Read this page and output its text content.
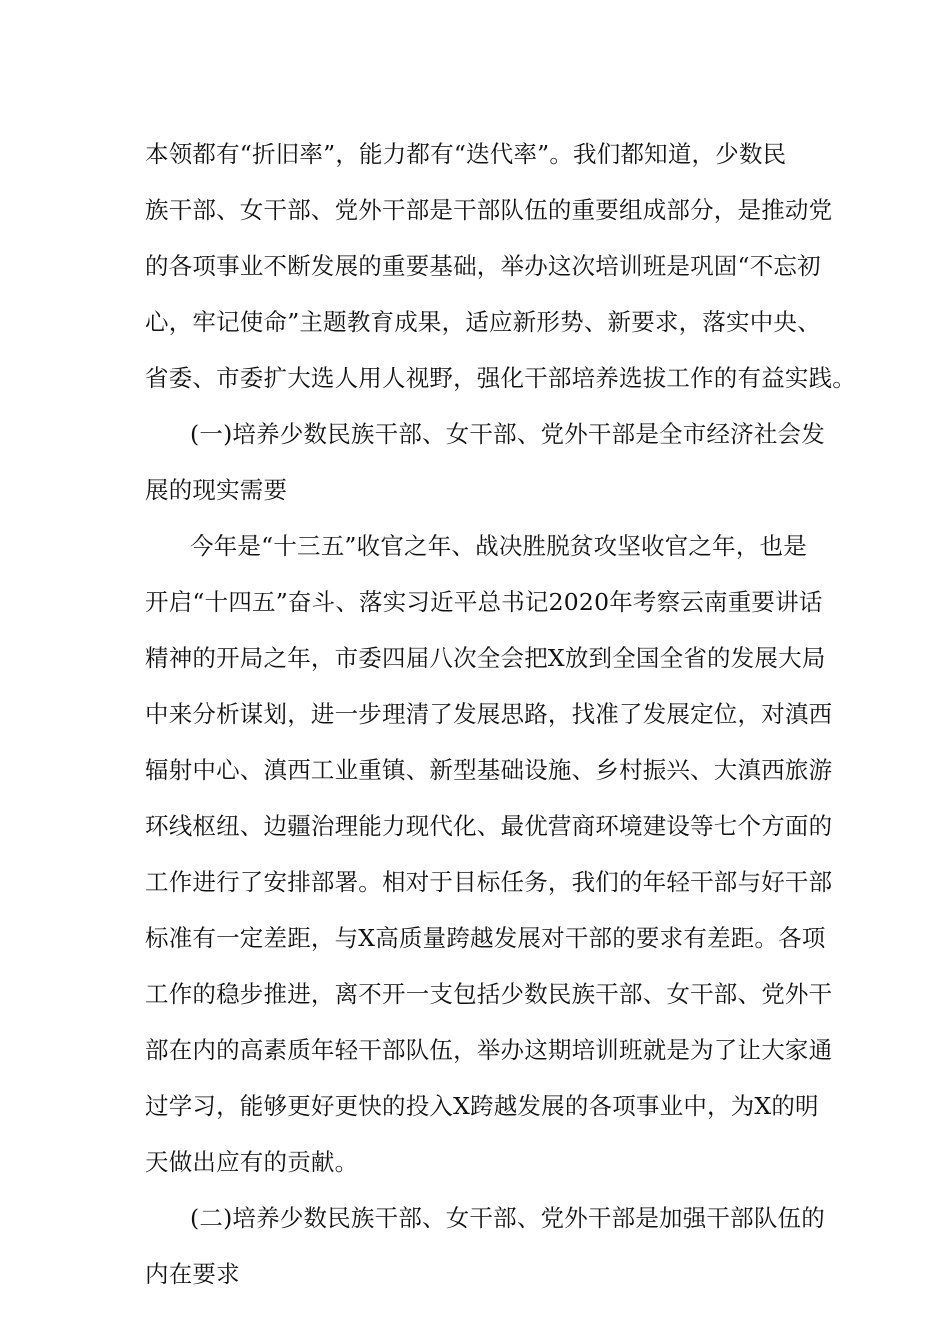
本领都有“折旧率”，能力都有“迭代率”。我们都知道，少数民
族干部、女干部、党外干部是干部队伍的重要组成部分，是推动党
的各项事业不断发展的重要基础，举办这次培训班是巩固“不忘初
心，牢记使命”主题教育成果，适应新形势、新要求，落实中央、
省委、市委扩大选人用人视野，强化干部培养选拔工作的有益实践。
(一)培养少数民族干部、女干部、党外干部是全市经济社会发
展的现实需要
今年是“十三五”收官之年、战决胜脱贫攻坚收官之年，也是
开启“十四五”奋斗、落实习近平总书记2020年考察云南重要讲话
精神的开局之年，市委四届八次全会把X放到全国全省的发展大局
中来分析谋划，进一步理清了发展思路，找准了发展定位，对滇西
辐射中心、滇西工业重镇、新型基础设施、乡村振兴、大滇西旅游
环线枢纽、边疆治理能力现代化、最优营商环境建设等七个方面的
工作进行了安排部署。相对于目标任务，我们的年轻干部与好干部
标准有一定差距，与X高质量跨越发展对干部的要求有差距。各项
工作的稳步推进，离不开一支包括少数民族干部、女干部、党外干
部在内的高素质年轻干部队伍，举办这期培训班就是为了让大家通
过学习，能够更好更快的投入X跨越发展的各项事业中，为X的明
天做出应有的贡献。
(二)培养少数民族干部、女干部、党外干部是加强干部队伍的
内在要求
